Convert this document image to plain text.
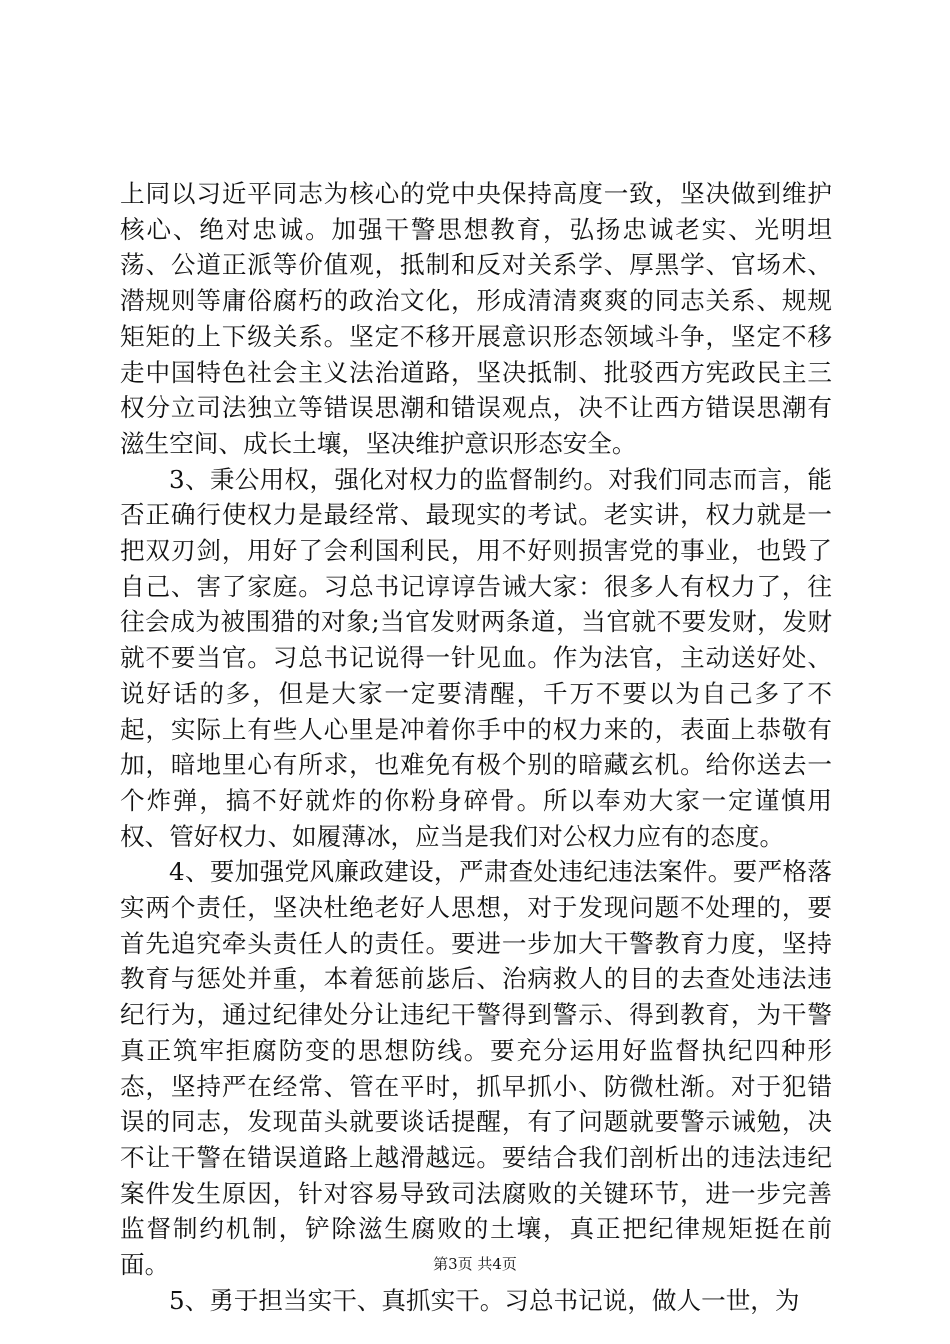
上同以习近平同志为核心的党中央保持高度一致，坚决做到维护核心、绝对忠诚。加强干警思想教育，弘扬忠诚老实、光明坦荡、公道正派等价值观，抵制和反对关系学、厚黑学、官场术、潜规则等庸俗腐朽的政治文化，形成清清爽爽的同志关系、规规矩矩的上下级关系。坚定不移开展意识形态领域斗争，坚定不移走中国特色社会主义法治道路，坚决抵制、批驳西方宪政民主三权分立司法独立等错误思潮和错误观点，决不让西方错误思潮有滋生空间、成长土壤，坚决维护意识形态安全。

3、秉公用权，强化对权力的监督制约。对我们同志而言，能否正确行使权力是最经常、最现实的考试。老实讲，权力就是一把双刃剑，用好了会利国利民，用不好则损害党的事业，也毁了自己、害了家庭。习总书记谆谆告诫大家：很多人有权力了，往往会成为被围猎的对象;当官发财两条道，当官就不要发财，发财就不要当官。习总书记说得一针见血。作为法官，主动送好处、说好话的多，但是大家一定要清醒，千万不要以为自己多了不起，实际上有些人心里是冲着你手中的权力来的，表面上恭敬有加，暗地里心有所求，也难免有极个别的暗藏玄机。给你送去一个炸弹，搞不好就炸的你粉身碎骨。所以奉劝大家一定谨慎用权、管好权力、如履薄冰，应当是我们对公权力应有的态度。

4、要加强党风廉政建设，严肃查处违纪违法案件。要严格落实两个责任，坚决杜绝老好人思想，对于发现问题不处理的，要首先追究牵头责任人的责任。要进一步加大干警教育力度，坚持教育与惩处并重，本着惩前毖后、治病救人的目的去查处违法违纪行为，通过纪律处分让违纪干警得到警示、得到教育，为干警真正筑牢拒腐防变的思想防线。要充分运用好监督执纪四种形态，坚持严在经常、管在平时，抓早抓小、防微杜渐。对于犯错误的同志，发现苗头就要谈话提醒，有了问题就要警示诫勉，决不让干警在错误道路上越滑越远。要结合我们剖析出的违法违纪案件发生原因，针对容易导致司法腐败的关键环节，进一步完善监督制约机制，铲除滋生腐败的土壤，真正把纪律规矩挺在前面。

5、勇于担当实干、真抓实干。习总书记说，做人一世，为

第3页 共4页
